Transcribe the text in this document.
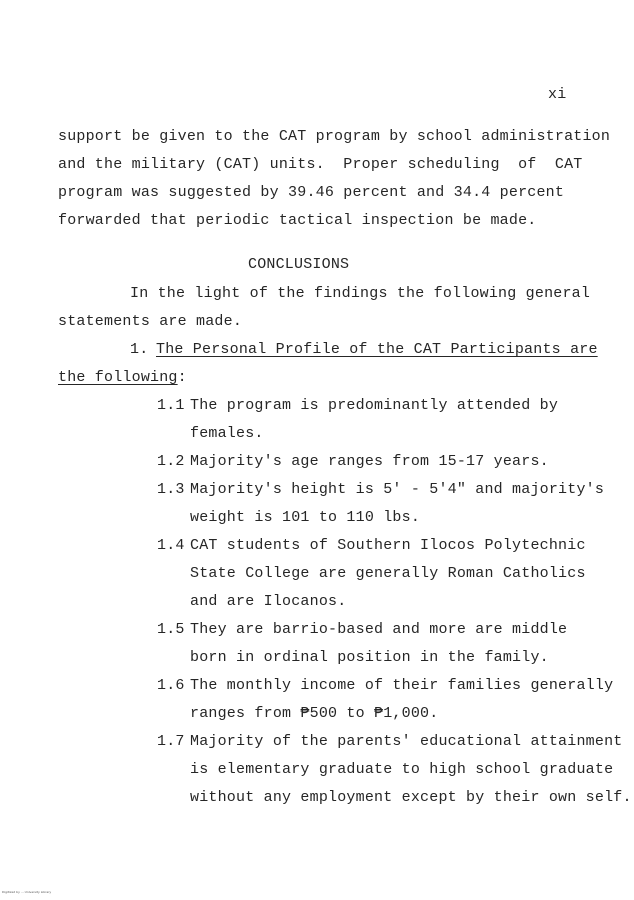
xi
support be given to the CAT program by school administration
and the military (CAT) units.  Proper scheduling  of  CAT
program was suggested by 39.46 percent and 34.4 percent
forwarded that periodic tactical inspection be made.
CONCLUSIONS
In the light of the findings the following general
statements are made.
1. The Personal Profile of the CAT Participants are
the following:
1.1 The program is predominantly attended by
females.
1.2 Majority's age ranges from 15-17 years.
1.3 Majority's height is 5' - 5'4" and majority's
weight is 101 to 110 lbs.
1.4 CAT students of Southern Ilocos Polytechnic
State College are generally Roman Catholics
and are Ilocanos.
1.5 They are barrio-based and more are middle
born in ordinal position in the family.
1.6 The monthly income of their families generally
ranges from ₱500 to ₱1,000.
1.7 Majority of the parents' educational attainment
is elementary graduate to high school graduate
without any employment except by their own self.
Digitized by ... University Library
